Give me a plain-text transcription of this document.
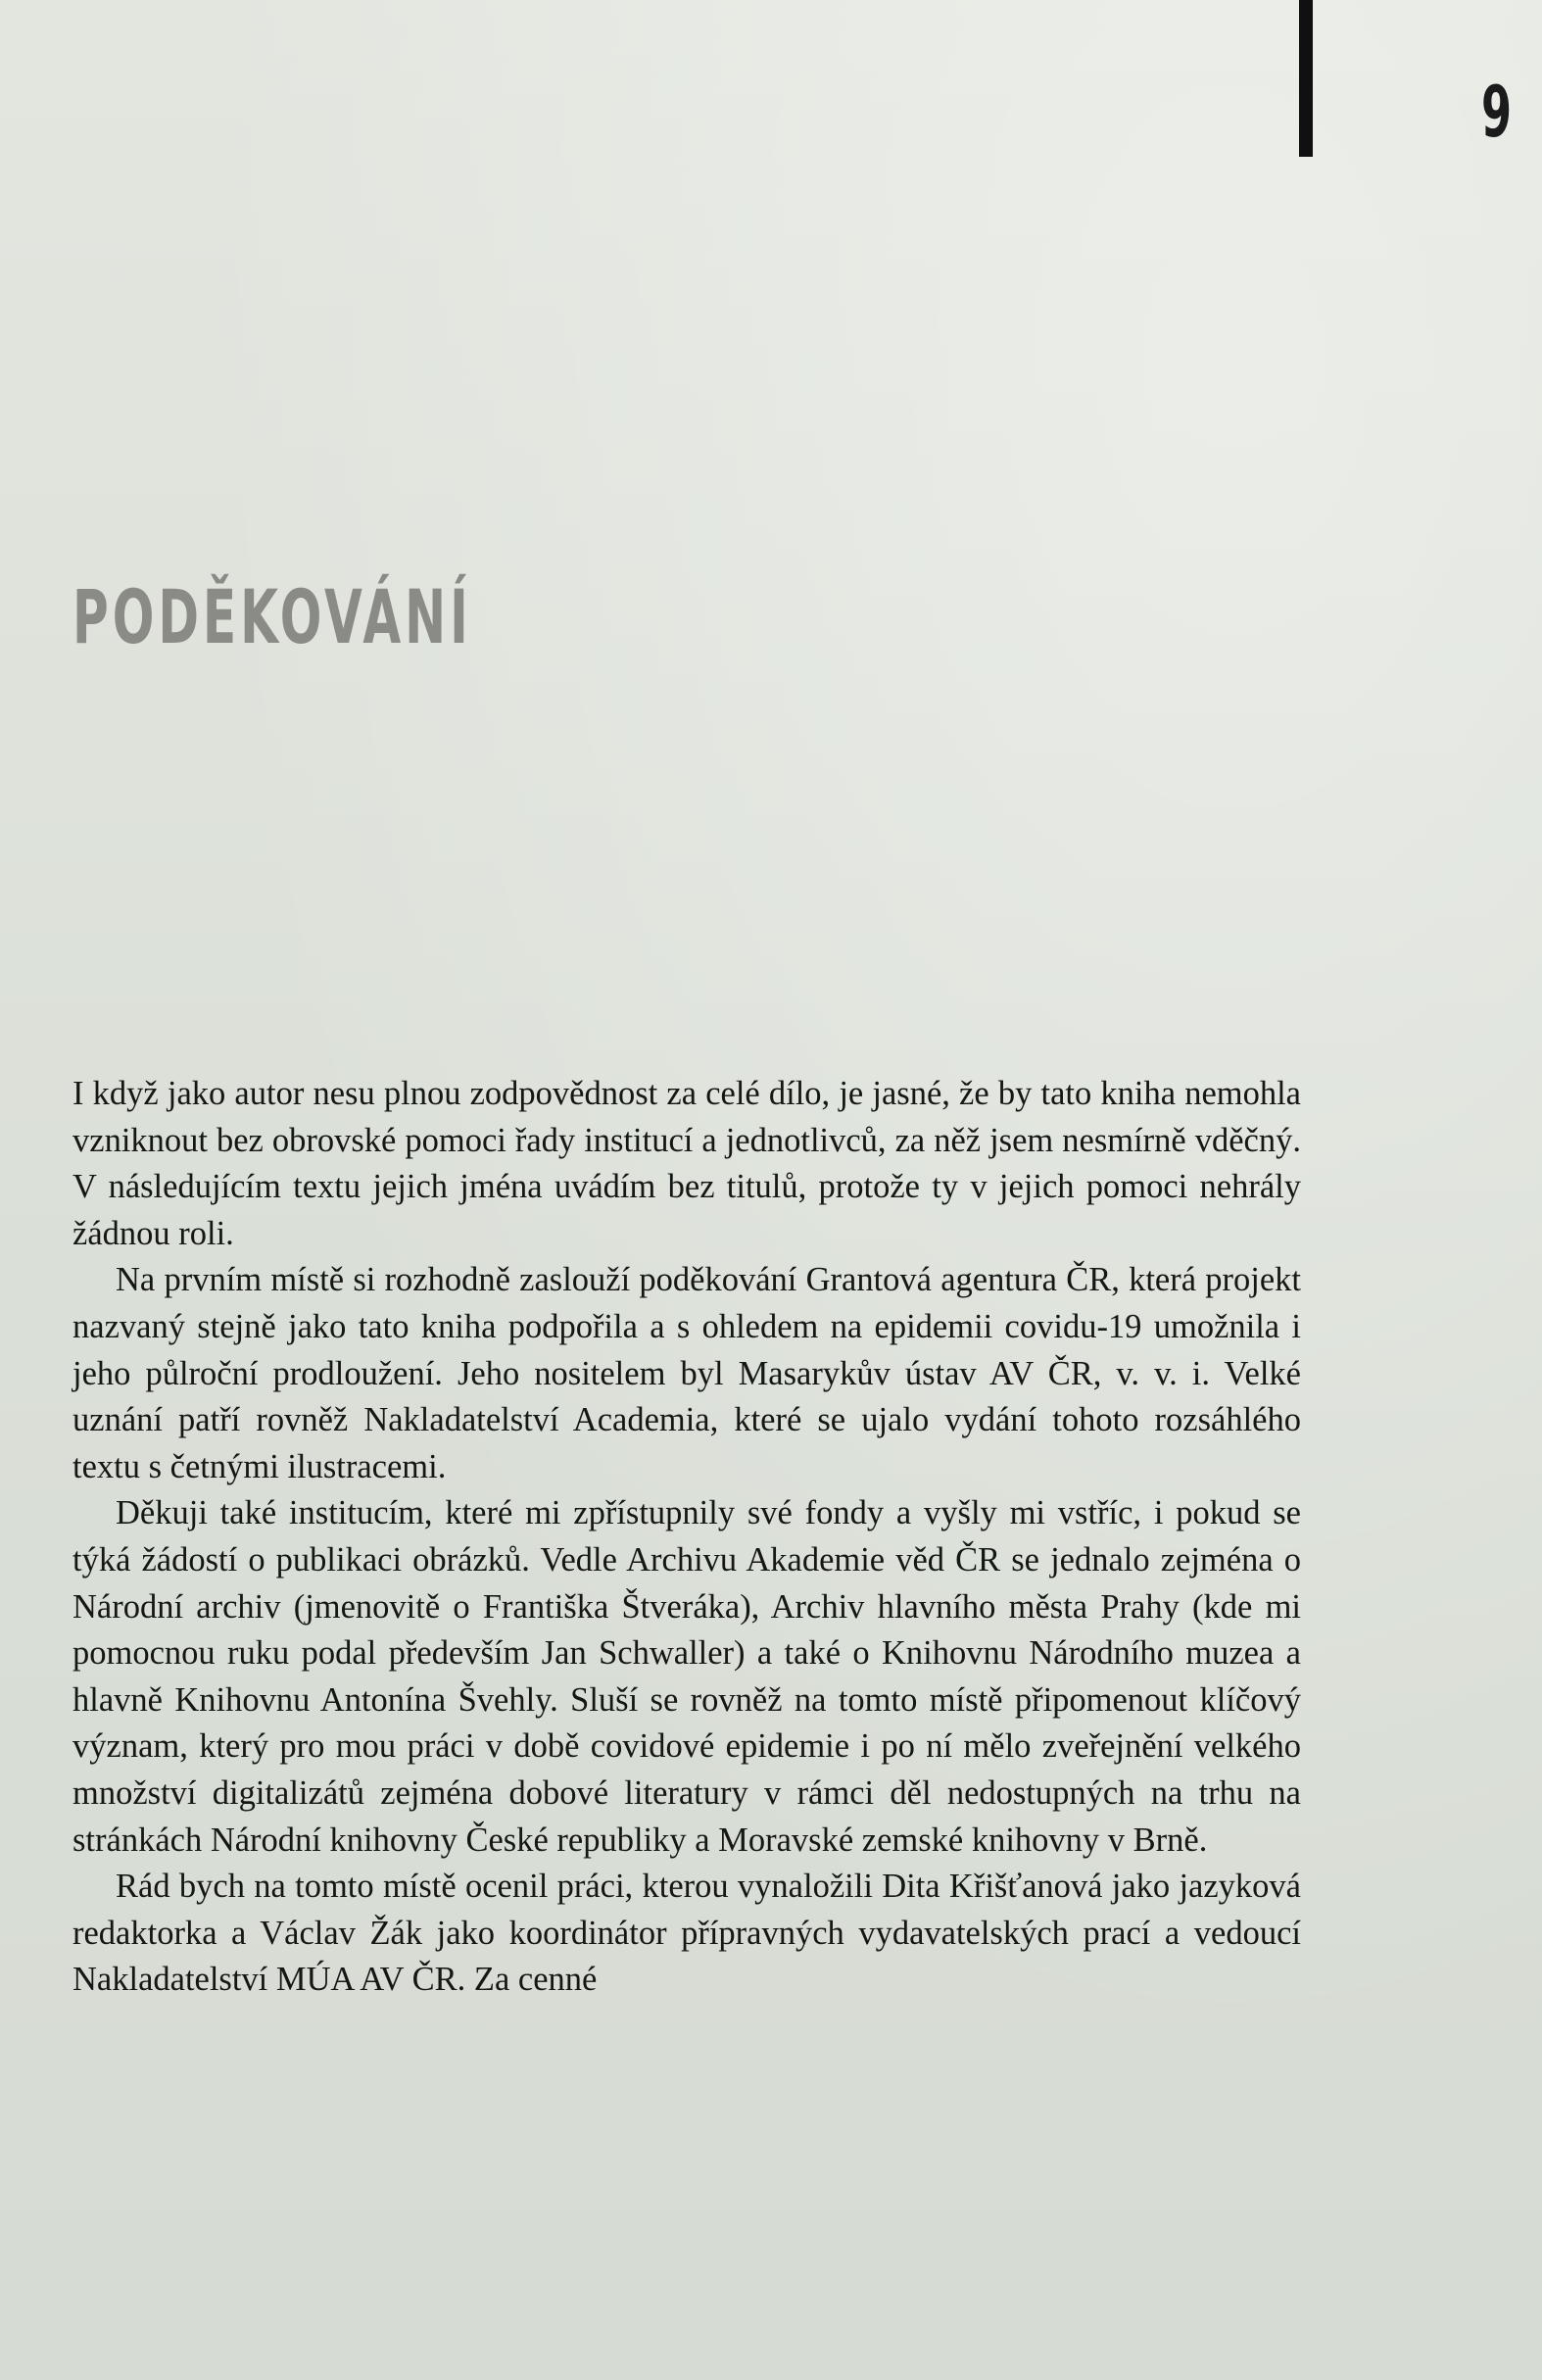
9
PODĚKOVÁNÍ

I když jako autor nesu plnou zodpovědnost za celé dílo, je jasné, že by tato kniha nemohla vzniknout bez obrovské pomoci řady institucí a jednotlivců, za něž jsem nesmírně vděčný. V následujícím textu jejich jména uvádím bez titulů, protože ty v jejich pomoci nehrály žádnou roli.

Na prvním místě si rozhodně zaslouží poděkování Grantová agentura ČR, která projekt nazvaný stejně jako tato kniha podpořila a s ohledem na epidemii covidu-19 umožnila i jeho půlroční prodloužení. Jeho nositelem byl Masarykův ústav AV ČR, v. v. i. Velké uznání patří rovněž Nakladatelství Academia, které se ujalo vydání tohoto rozsáhlého textu s četnými ilustracemi.

Děkuji také institucím, které mi zpřístupnily své fondy a vyšly mi vstříc, i pokud se týká žádostí o publikaci obrázků. Vedle Archivu Akademie věd ČR se jednalo zejména o Národní archiv (jmenovitě o Františka Štveráka), Archiv hlavního města Prahy (kde mi pomocnou ruku podal především Jan Schwaller) a také o Knihovnu Národního muzea a hlavně Knihovnu Antonína Švehly. Sluší se rovněž na tomto místě připomenout klíčový význam, který pro mou práci v době covidové epidemie i po ní mělo zveřejnění velkého množství digitalizátů zejména dobové literatury v rámci děl nedostupných na trhu na stránkách Národní knihovny České republiky a Moravské zemské knihovny v Brně.

Rád bych na tomto místě ocenil práci, kterou vynaložili Dita Křišťanová jako jazyková redaktorka a Václav Žák jako koordinátor přípravných vydavatelských prací a vedoucí Nakladatelství MÚA AV ČR. Za cenné
